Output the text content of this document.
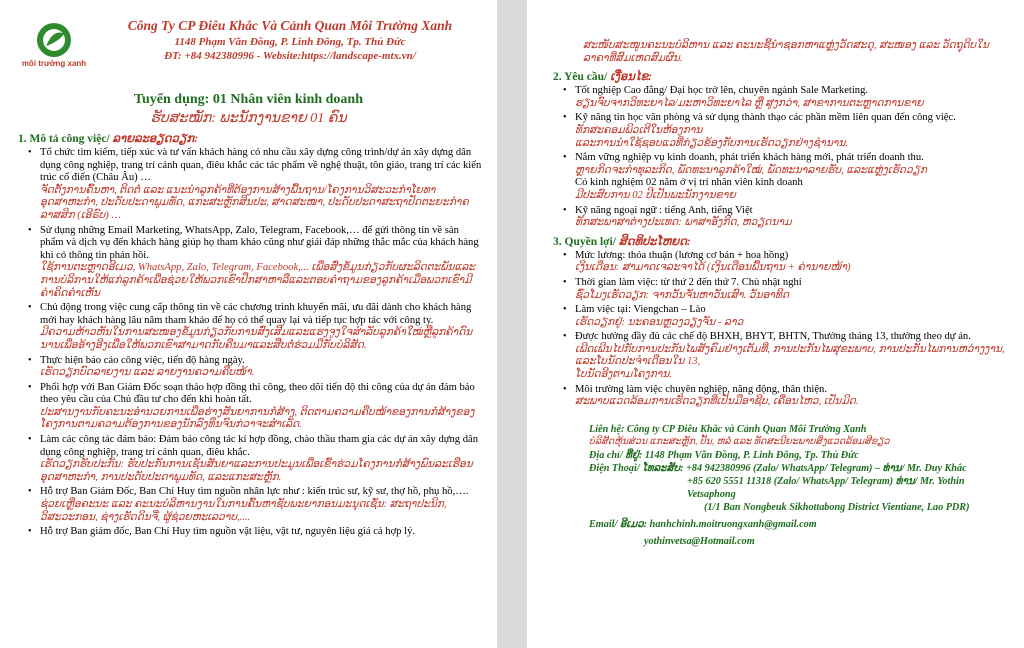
môi trường xanh
Công Ty CP Điêu Khắc Và Cảnh Quan Môi Trường Xanh
1148 Phạm Văn Đồng, P. Linh Đông, Tp. Thủ Đức
ĐT: +84 942380996 - Website:https://landscape-mtx.vn/
Tuyển dụng: 01 Nhân viên kinh doanh
ຮັບສະໝັກ: ພະນັກງານຂາຍ 01 ຄົນ
1. Mô tả công việc/ ລາຍລະອຽດວຽກ:
• Tổ chức tìm kiếm, tiếp xúc và tư vấn khách hàng có nhu cầu xây dựng công trình/dự án xây dựng dân dụng công nghiệp, trang trí cảnh quan, điêu khắc các tác phẩm về nghệ thuật, tôn giáo, trang trí các kiến trúc cổ điển (Châu Âu) …
ຈັດຕັ້ງການຄົ້ນຫາ, ຕິດຕໍ່ ແລະ ແນະນຳລູກຄ້າທີ່ຕ້ອງການສ້າງພື້ນຖານ/ໂຄງການວິສະວະກຳໂຍທາອຸດສາຫະກຳ, ປະດັບປະດາພູມທັດ, ແກະສະຫຼັກສິນປະ, ສາດສະໜາ, ປະດັບປະດາສະຖາປັດຕະຍະກຳຄລາສສິກ (ເອີຣົບ) …
• Sử dụng những Email Marketing, WhatsApp, Zalo, Telegram, Facebook,… để gửi thông tin về sản phẩm và dịch vụ đến khách hàng giúp họ tham khảo cũng như giải đáp những thắc mắc của khách hàng khi có thông tin phản hồi.
ໃຊ້ການຕະຫຼາດອີເມວ, WhatsApp, Zalo, Telegram, Facebook,... ເພື່ອສົ່ງຂໍ້ມູນກ່ຽວກັບຜະລິດຕະພັນແລະການບໍລິການໃຫ້ແກ່ລູກຄ້າເພື່ອຊ່ວຍໃຫ້ພວກເຂົາປຶກສາຫາລືແລະຕອບຄຳຖາມຂອງລູກຄ້າເມື່ອພວກເຂົາມີຄຳຄິດຄຳເຫັນ
• Chủ động trong việc cung cấp thông tin về các chương trình khuyến mãi, ưu đãi dành cho khách hàng mới hay khách hàng lâu năm tham khảo để họ có thể quay lại và tiếp tục hợp tác với công ty.
ມີຄວາມຫ້າວຫັນໃນການສະໜອງຂໍ້ມູນກ່ຽວກັບການສົ່ງເສີມແລະແຮງຈູງໃຈສຳລັບລູກຄ້າໃໝ່ຫຼືລູກຄ້າດົນນານເພື່ອອ້າງອີງເພື່ອໃຫ້ພວກເຂົາສາມາດກັບຄືນມາແລະສືບຕໍ່ຮ່ວມມືກັບບໍລິສັດ.
• Thực hiện báo cáo công việc, tiến độ hàng ngày.
ເຮັດວຽກບົດລາຍງານ ແລະ ລາຍງານຄວາມຄືບໜ້າ.
• Phối hợp với Ban Giám Đốc soạn thảo hợp đồng thi công, theo dõi tiến độ thi công của dự án đảm bảo theo yêu cầu của Chủ đầu tư cho đến khi hoàn tất.
ປະສານງານກັບຄະນະອຳນວຍການເພື່ອຮ່າງສັນຍາການກໍ່ສ້າງ, ຕິດຕາມຄວາມຄືບໜ້າຂອງການກໍ່ສ້າງຂອງໂຄງການຕາມຄວາມຕ້ອງການຂອງນັກລົງທຶນຈົນກ່ວາຈະສຳເລັດ.
• Làm các công tác đảm bảo: Đảm bảo công tác kí hợp đồng, chào thầu tham gia các dự án xây dựng dân dụng công nghiệp, trang trí cảnh quan, điêu khắc.
ເຮັດວຽກຮັບປະກັນ: ຮັບປະກັນການເຊັນສັນຍາແລະການປະມູນເພື່ອເຂົ້າຮ່ວມໂຄງການກໍ່ສ້າງພົນລະເຮືອນອຸດສາຫະກຳ, ການປະດັບປະດາພູມທັດ, ແລະແກະສະຫຼັກ.
• Hỗ trợ Ban Giám Đốc, Ban Chỉ Huy tìm nguồn nhân lực như : kiến trúc sư, kỹ sư, thợ hồ, phụ hồ,….
ຊ່ວຍເຫຼືອຄະນະ ແລະ ຄະນະບໍລິຫານງານໃນການຄົ້ນຫາຊັບພະຍາກອນມະນຸດເຊັ່ນ: ສະຖາປະນິກ, ວິສະວະກອນ, ຊ່າງເຮັດດິນຈີ່, ຜູ້ຊ່ວຍຫະເລວາບ,....
• Hỗ trợ Ban giám đốc, Ban Chỉ Huy tìm nguồn vật liệu, vật tư, nguyên liệu giá cả hợp lý.
ສະໜັບສະໜູນຄະນະບໍລິຫານ ແລະ ຄະນະຊີ້ນຳຊອກຫາແຫຼ່ງວັດສະດຸ, ສະໜອງ ແລະ ວັດຖຸດິບໃນລາຄາທີ່ສົມເຫດສົມຜົນ.
2. Yêu cầu/ ເງື່ອນໄຂ:
• Tốt nghiệp Cao đẳng/ Đại học trở lên, chuyên ngành Sale Marketing.
ຮຽນຈົບຈາກວິທະຍາໄລ/ມະຫາວິທະຍາໄລ ຫຼື ສູງກວ່າ, ສາຂາການຕະຫຼາດການຂາຍ
• Kỹ năng tin học văn phòng và sử dụng thành thạo các phần mềm liên quan đến công việc.
ທັກສະຄອມພິວເຕີໃນຫ້ອງການ
ແລະການນຳໃຊ້ຊອບແວທີ່ກ່ຽວຂ້ອງກັບການເຮັດວຽກຢ່າງຊຳນານ.
• Nắm vững nghiệp vụ kinh doanh, phát triển khách hàng mới, phát triển doanh thu.
ຫຼາຍກິດຈະກຳທຸລະກິດ, ພັດທະນາລູກຄ້າໃໝ່, ພັດທະນາລາຍຮັບ, ແລະແຫຼ່ງເຮັດວຽກ
Có kinh nghiệm 02 năm ở vị trí nhân viên kinh doanh
ມີປະສົບການ 02 ປີເປັນພະນັກງານຂາຍ
• Kỹ năng ngoại ngữ : tiếng Anh, tiếng Việt
ທັກສະພາສາຕ່າງປະເທດ: ພາສາອັງກິດ, ຫວຽດນາມ
3. Quyền lợi/ ສິດທິປະໂຫຍດ:
• Mức lương: thỏa thuận (lương cơ bản + hoa hồng)
ເງິນເດືອນ: ສາມາດເຈລະຈາໄດ້ (ເງິນເດືອນພື້ນຖານ + ຄ່ານາຍໜ້າ)
• Thời gian làm việc: từ thứ 2 đến thứ 7. Chủ nhật nghỉ
ຊົ່ວໂມງເຮັດວຽກ: ຈາກວັນຈັນຫາວັນເສົາ. ວັນອາທິດ
• Làm việc tại: Viengchan – Lào
ເຮັດວຽກຢູ່: ນະຄອນຫຼວງວຽງຈັນ - ລາວ
• Được hưởng đầy đủ các chế độ BHXH, BHYT, BHTN, Thưởng tháng 13, thưởng theo dự án.
ເພີດເພີນໄປກັບການປະກັນໄພສັງຄົມຢ່າງເຕັມທີ່, ການປະກັນໄພສຸຂະພາບ, ການປະກັນໄພການຫວ່າງງານ, ແລະໂບນັດປະຈຳເດືອນໃນ 13,
ໂບນັດອີງຕາມໂຄງການ.
• Môi trường làm việc chuyên nghiệp, năng động, thân thiện.
ສະພາບແວດລ້ອມການເຮັດວຽກທີ່ເປັນມືອາຊີບ, ເຄື່ອນໄຫວ, ເປັນມິດ.
Liên hệ: Công ty CP Điêu Khắc và Cảnh Quan Môi Trường Xanh
ບໍລິສັດຫຸ້ນສ່ວນ ແກະສະຫຼັກ, ປັ້ນ, ຫລໍ່ ແລະ ທັດສະນີຍະພາບສິ່ງແວດລ້ອມສີຂຽວ
Địa chỉ/ ທີ່ຢູ່: 1148 Phạm Văn Đồng, P. Linh Đông, Tp. Thủ Đức
Điện Thoại/ ໂທລະສັບ: +84 942380996 (Zalo/ WhatsApp/ Telegram) – ທ່ານ/ Mr. Duy Khắc
+85 620 5551 11318 (Zalo/ WhatsApp/ Telegram) ທ່ານ/ Mr. Yothin Vetsaphong
(1/1 Ban Nongbeuk Sikhottabong District Vientiane, Lao PDR)
Email/ ອີເມວ: hanhchinh.moitruongxanh@gmail.com
yothinvetsa@Hotmail.com
